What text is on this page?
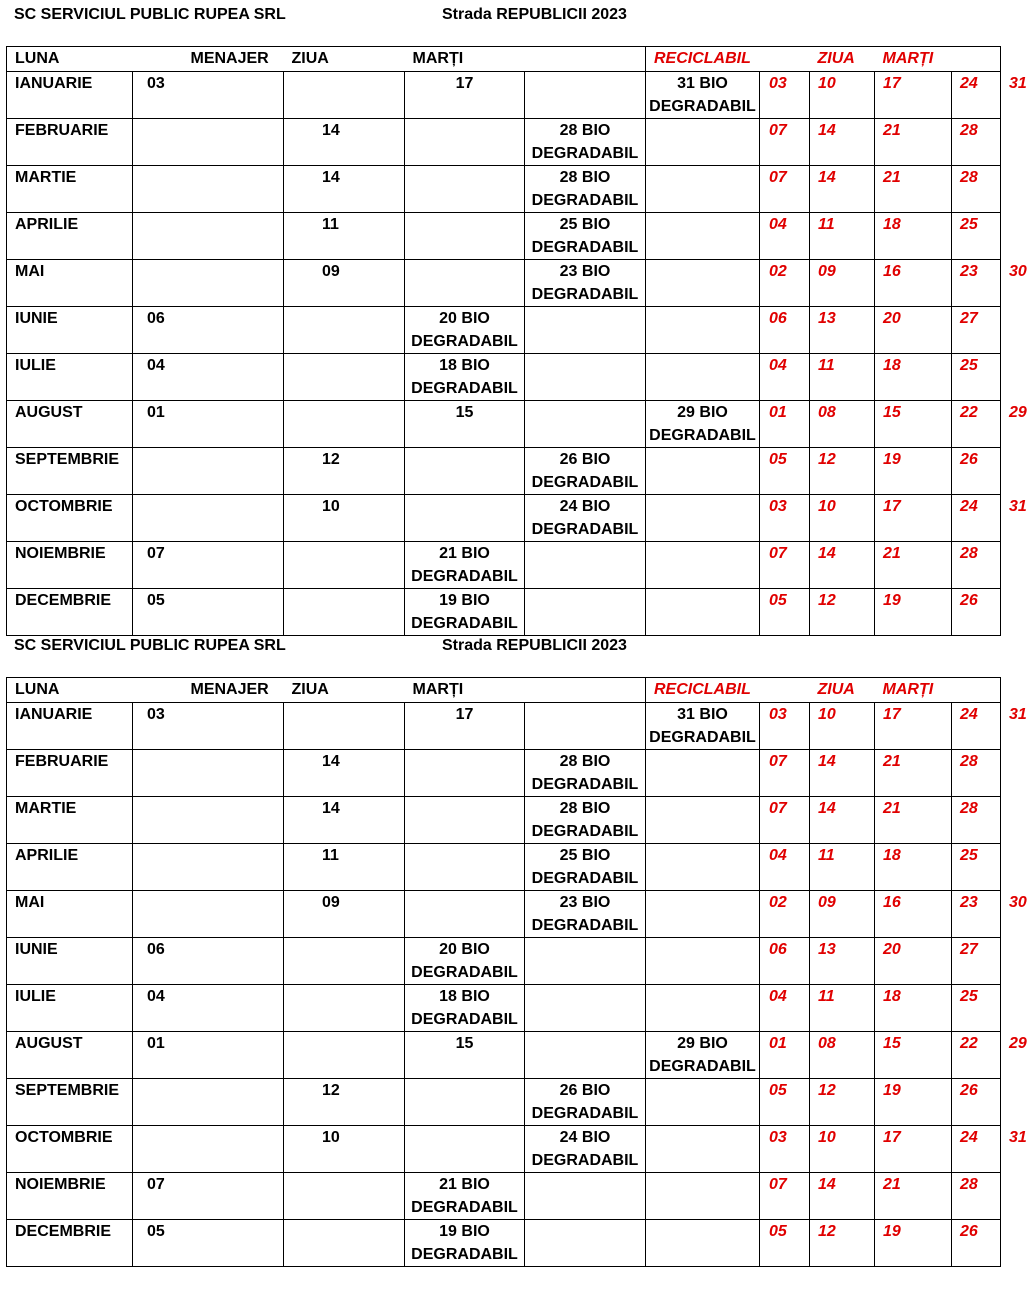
SC SERVICIUL PUBLIC RUPEA SRL	Strada REPUBLICII 2023
LUNA	MENAJER	ZIUA	MARȚI		RECICLABIL		ZIUA	MARȚI		
IANUARIE	03		17		31 BIO DEGRADABIL	03	10	17	24	31
FEBRUARIE		14		28 BIO DEGRADABIL		07	14	21	28	
MARTIE		14		28 BIO DEGRADABIL		07	14	21	28	
APRILIE		11		25 BIO DEGRADABIL		04	11	18	25	
MAI		09		23 BIO DEGRADABIL		02	09	16	23	30
IUNIE	06		20 BIO DEGRADABIL			06	13	20	27	
IULIE	04		18 BIO DEGRADABIL			04	11	18	25	
AUGUST	01		15		29 BIO DEGRADABIL	01	08	15	22	29
SEPTEMBRIE		12		26 BIO DEGRADABIL		05	12	19	26	
OCTOMBRIE		10		24 BIO DEGRADABIL		03	10	17	24	31
NOIEMBRIE	07		21 BIO DEGRADABIL			07	14	21	28	
DECEMBRIE	05		19 BIO DEGRADABIL			05	12	19	26	
SC SERVICIUL PUBLIC RUPEA SRL	Strada REPUBLICII 2023
LUNA	MENAJER	ZIUA	MARȚI		RECICLABIL		ZIUA	MARȚI		
IANUARIE	03		17		31 BIO DEGRADABIL	03	10	17	24	31
FEBRUARIE		14		28 BIO DEGRADABIL		07	14	21	28	
MARTIE		14		28 BIO DEGRADABIL		07	14	21	28	
APRILIE		11		25 BIO DEGRADABIL		04	11	18	25	
MAI		09		23 BIO DEGRADABIL		02	09	16	23	30
IUNIE	06		20 BIO DEGRADABIL			06	13	20	27	
IULIE	04		18 BIO DEGRADABIL			04	11	18	25	
AUGUST	01		15		29 BIO DEGRADABIL	01	08	15	22	29
SEPTEMBRIE		12		26 BIO DEGRADABIL		05	12	19	26	
OCTOMBRIE		10		24 BIO DEGRADABIL		03	10	17	24	31
NOIEMBRIE	07		21 BIO DEGRADABIL			07	14	21	28	
DECEMBRIE	05		19 BIO DEGRADABIL			05	12	19	26	
